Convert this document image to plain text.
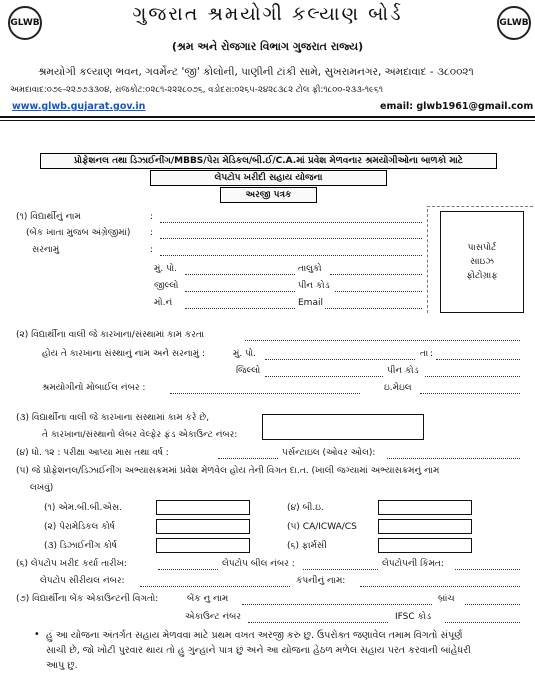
GLWB	GLWB
ગુજરાત શ્રમયોગી કલ્યાણ બોર્ડ
(શ્રમ અને રોજગાર વિભાગ ગુજરાત રાજ્ય)
શ્રમયોગી કલ્યાણ ભવન, ગવર્મેન્ટ 'જી' કોલોની, પાણીની ટાંકી સામે, સુખરામનગર, અમદાવાદ - ૩૮૦૦૨૧
અમદાવાદ:૦૭૯-૨૨૭૭૩૩૦૪, રાજકોટ:૦૨૮૧-૨૨૨૮૦૭૬, વડોદરા:૦૨૬૫-૨૪૨૮૩૮૨ ટોલ ફ્રી:૧૮૦૦-૨૩૩-૧૯૬૧
www.glwb.gujarat.gov.in	email: glwb1961@gmail.com
પ્રોફેશનલ તથા ડિઝાઈનીંગ/MBBS/પેરા મેડિકલ/બી.ઈ/C.A.માં પ્રવેશ મેળવનાર શ્રમયોગીઓના બાળકો માટે
લેપટોપ ખરીદી સહાય યોજના
અરજી પત્રક
પાસપોર્ટ
સાઇઝ
ફોટોગ્રાફ
(૧) વિદ્યાર્થીનું નામ	:
(બેંક ખાતા મુજબ અંગ્રેજીમાં) :
સરનામું	:
મું. પો.	તાલુકો
જીલ્લો	પીન કોડ
મો.નં	Email
(૨) વિદ્યાર્થીના વાલી જે કારખાના/સંસ્થામાં કામ કરતા
હોય તે કારખાના સંસ્થાનું નામ અને સરનામું :	મું. પો.	તા :
જિલ્લો	પીન કોડ
શ્રમયોગીનો મોબાઈલ નંબર :	ઇ.મેઇલ
(૩) વિદ્યાર્થીના વાલી જે કારખાના સંસ્થામાં કામ કરે છે,
તે કારખાના/સંસ્થાનો લેબર વેલ્ફેર ફંડ એકાઉન્ટ નંબર:
(૪) ધો. ૧૨ : પરીક્ષા આપ્યા માસ તથા વર્ષ :	પર્સન્ટાઇલ (ઓવર ઓલ):
(૫) જે પ્રોફેશનલ/ડિઝાઈનીંગ અભ્યાસક્રમમાં પ્રવેશ મેળવેલ હોય તેની વિગત દા.ત. (ખાલી જગ્યામાં અભ્યાસક્રમનું નામ
લખવું)
(૧) એમ.બી.બી.એસ.	(૪) બી.ઇ.
(૨) પેરામેડિકલ કોર્ષ	(૫) CA/ICWA/CS
(૩) ડિઝાઈનીંગ કોર્ષ	(૬) ફાર્મસી
(૬) લેપટોપ ખરીદ કર્યા તારીખ:	લેપટોપ બીલ નંબર :	લેપટોપની કિંમત:
લેપટોપ સીરીયલ નંબર:	કંપનીનું નામ:
(૭) વિદ્યાર્થીના બેંક એકાઉન્ટની વિગતો:	બેંક નુ નામ	બ્રાંચ
એકાઉન્ટ નંબર	IFSC કોડ
• હું આ યોજના અંતર્ગત સહાય મેળવવા માટે પ્રથમ વખત અરજી કરુ છુ. ઉપરોક્ત જણાવેલ તમામ વિગતો સંપૂર્ણ
સાચી છે, જો ખોટી પુરવાર થાય તો હુ ગુન્હાને પાત્ર છું અને આ યોજના હેઠળ મળેલ સહાય પરત કરવાની બાંહેધરી
આપુ છુ.
